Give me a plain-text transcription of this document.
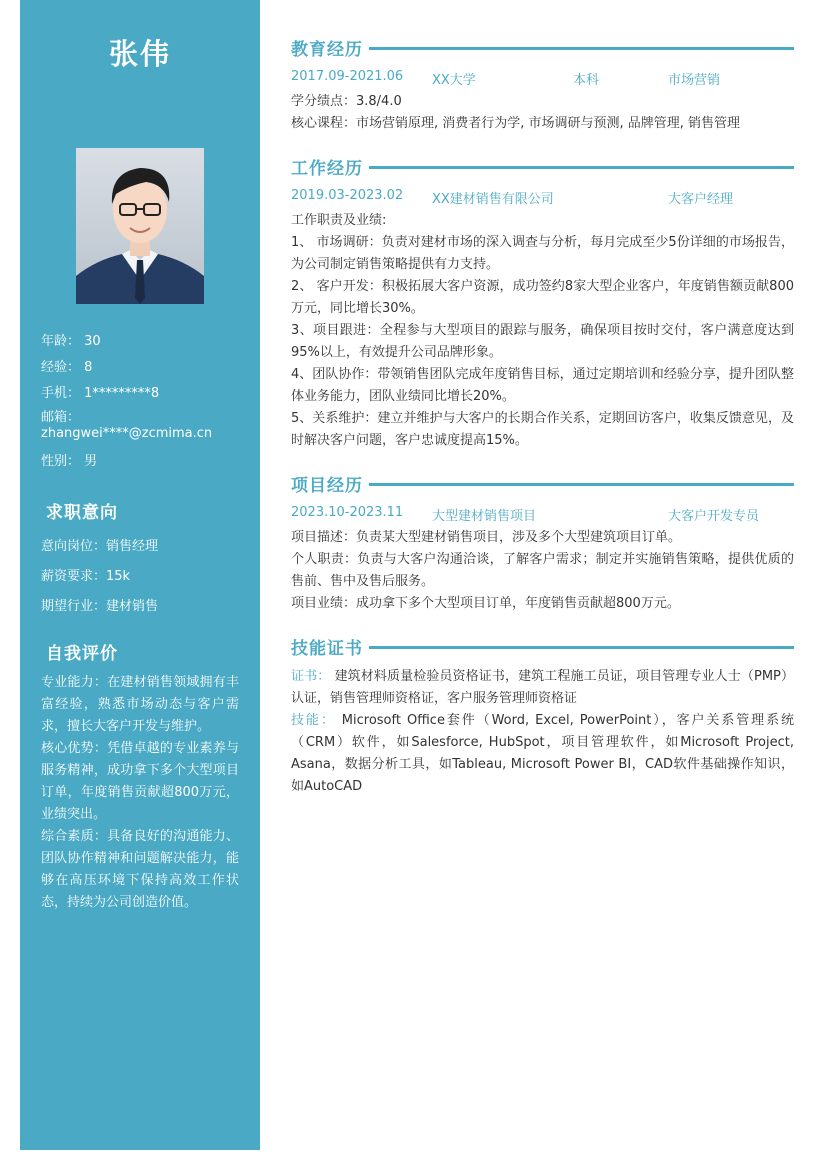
张伟
年龄： 30
经验： 8
手机： 1*********8
邮箱：
zhangwei****@zcmima.cn
性别： 男
求职意向
意向岗位：销售经理
薪资要求：15k
期望行业：建材销售
自我评价

专业能力：在建材销售领域拥有丰富经验，熟悉市场动态与客户需求，擅长大客户开发与维护。

核心优势：凭借卓越的专业素养与服务精神，成功拿下多个大型项目订单，年度销售贡献超800万元，业绩突出。

综合素质：具备良好的沟通能力、团队协作精神和问题解决能力，能够在高压环境下保持高效工作状态，持续为公司创造价值。

教育经历
2017.09-2021.06 XX大学	本科	市场营销

学分绩点：3.8/4.0

核心课程：市场营销原理, 消费者行为学, 市场调研与预测, 品牌管理, 销售管理

工作经历
2019.03-2023.02 XX建材销售有限公司	大客户经理

工作职责及业绩:

1、 市场调研：负责对建材市场的深入调查与分析，每月完成至少5份详细的市场报告，为公司制定销售策略提供有力支持。

2、 客户开发：积极拓展大客户资源，成功签约8家大型企业客户，年度销售额贡献800万元，同比增长30%。

3、项目跟进：全程参与大型项目的跟踪与服务，确保项目按时交付，客户满意度达到95%以上，有效提升公司品牌形象。

4、团队协作：带领销售团队完成年度销售目标，通过定期培训和经验分享，提升团队整体业务能力，团队业绩同比增长20%。

5、关系维护：建立并维护与大客户的长期合作关系，定期回访客户，收集反馈意见，及时解决客户问题，客户忠诚度提高15%。

项目经历
2023.10-2023.11 大型建材销售项目	大客户开发专员

项目描述：负责某大型建材销售项目，涉及多个大型建筑项目订单。

个人职责：负责与大客户沟通洽谈，了解客户需求；制定并实施销售策略，提供优质的售前、售中及售后服务。

项目业绩：成功拿下多个大型项目订单，年度销售贡献超800万元。

技能证书

证书： 建筑材料质量检验员资格证书，建筑工程施工员证，项目管理专业人士（PMP）认证，销售管理师资格证，客户服务管理师资格证

技能： Microsoft Office套件（Word, Excel, PowerPoint），客户关系管理系统（CRM）软件，如Salesforce, HubSpot，项目管理软件，如Microsoft Project, Asana，数据分析工具，如Tableau, Microsoft Power BI，CAD软件基础操作知识，如AutoCAD
